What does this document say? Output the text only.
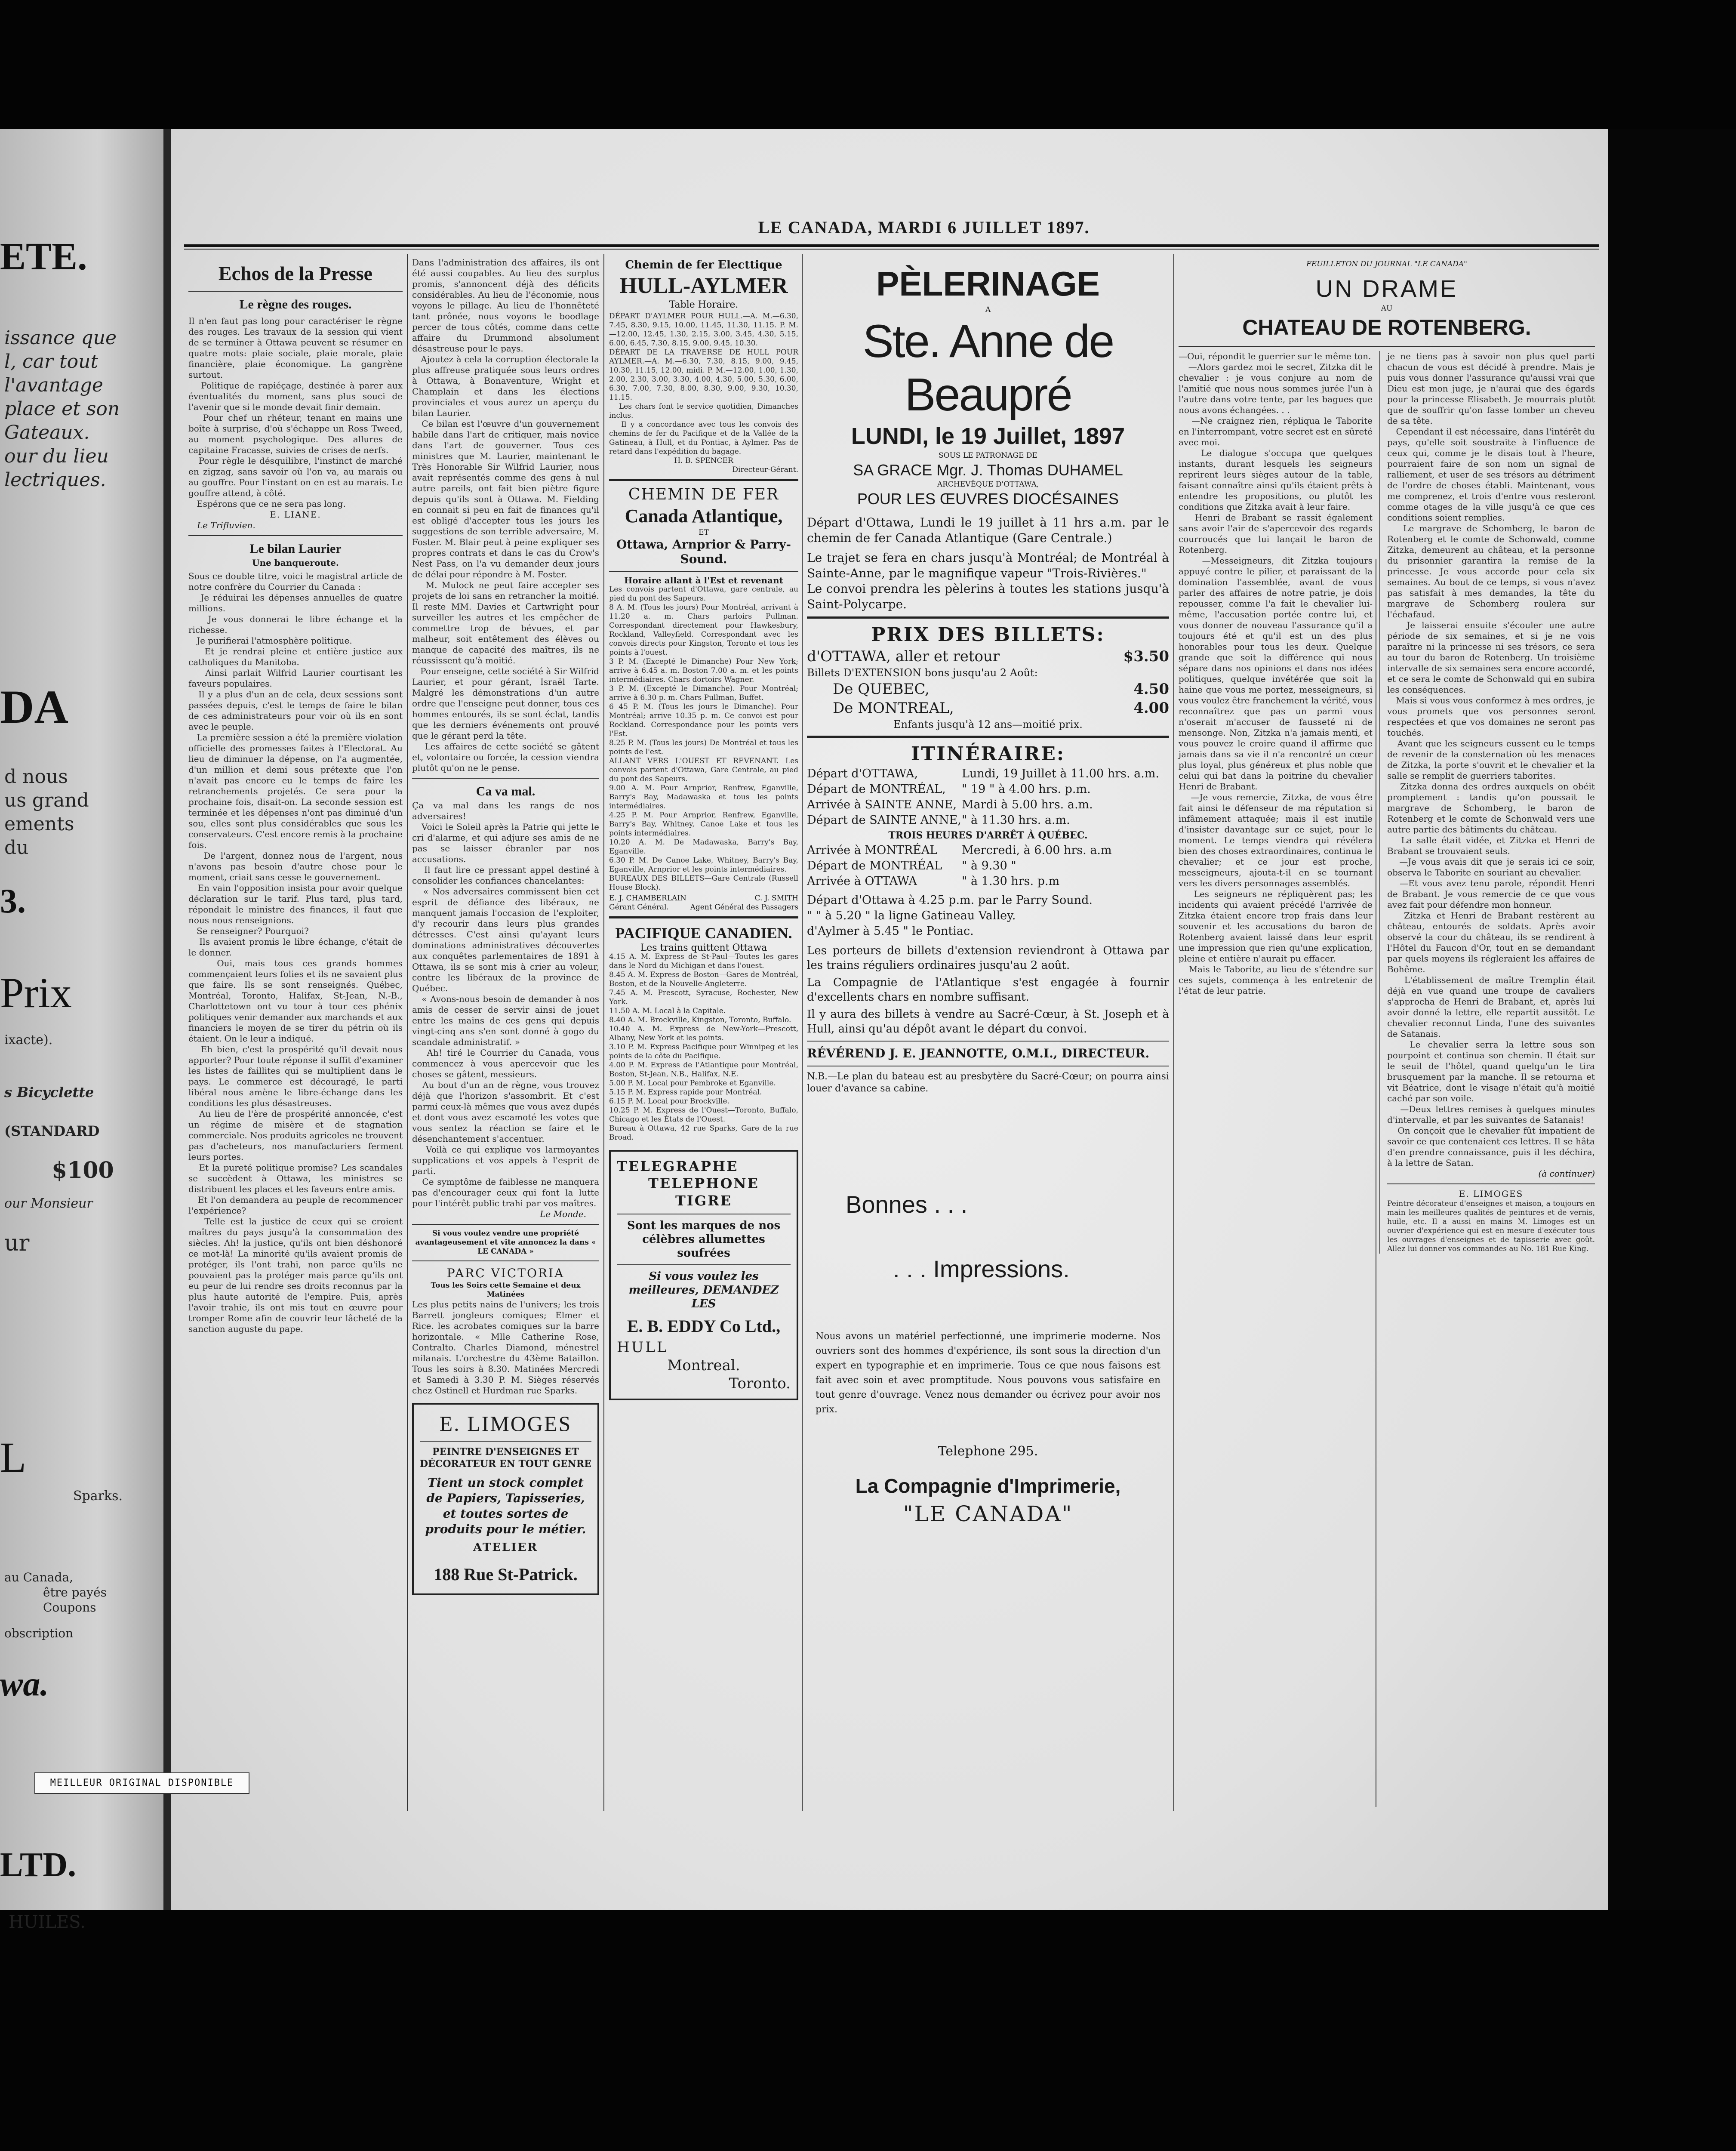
ETE.
issance que
l, car tout
l'avantage
place et son
Gateaux.
our du lieu
lectriques.
DA
d nous
us grand
ements
du
3.
Prix
ixacte).
s Bicyclette
(STANDARD
$100
our Monsieur
ur
L
Sparks.
au Canada,
être payés
Coupons
obscription
wa.
LTD.
HUILES.
LE CANADA, MARDI 6 JUILLET 1897.
Echos de la Presse
Le règne des rouges.
Il n'en faut pas long pour caractériser le règne des rouges. Les travaux de la session qui vient de se terminer à Ottawa peuvent se résumer en quatre mots: plaie sociale, plaie morale, plaie financière, plaie économique. La gangrène surtout.
Politique de rapiéçage, destinée à parer aux éventualités du moment, sans plus souci de l'avenir que si le monde devait finir demain.
Pour chef un rhéteur, tenant en mains une boîte à surprise, d'où s'échappe un Ross Tweed, au moment psychologique. Des allures de capitaine Fracasse, suivies de crises de nerfs.
Pour règle le désquilibre, l'instinct de marché en zigzag, sans savoir où l'on va, au marais ou au gouffre. Pour l'instant on en est au marais. Le gouffre attend, à côté.
Espérons que ce ne sera pas long.
E. LIANE.
Le Trifluvien.
Le bilan Laurier
Une banqueroute.
Sous ce double titre, voici le magistral article de notre confrère du Courrier du Canada :
Je réduirai les dépenses annuelles de quatre millions.
Je vous donnerai le libre échange et la richesse.
Je purifierai l'atmosphère politique.
Et je rendrai pleine et entière justice aux catholiques du Manitoba.
Ainsi parlait Wilfrid Laurier courtisant les faveurs populaires.
Il y a plus d'un an de cela, deux sessions sont passées depuis, c'est le temps de faire le bilan de ces administrateurs pour voir où ils en sont avec le peuple.
La première session a été la première violation officielle des promesses faites à l'Electorat. Au lieu de diminuer la dépense, on l'a augmentée, d'un million et demi sous prétexte que l'on n'avait pas encore eu le temps de faire les retranchements projetés. Ce sera pour la prochaine fois, disait-on. La seconde session est terminée et les dépenses n'ont pas diminué d'un sou, elles sont plus considérables que sous les conservateurs. C'est encore remis à la prochaine fois.
De l'argent, donnez nous de l'argent, nous n'avons pas besoin d'autre chose pour le moment, criait sans cesse le gouvernement.
En vain l'opposition insista pour avoir quelque déclaration sur le tarif. Plus tard, plus tard, répondait le ministre des finances, il faut que nous nous renseignions.
Se renseigner? Pourquoi?
Ils avaient promis le libre échange, c'était de le donner.
Oui, mais tous ces grands hommes commençaient leurs folies et ils ne savaient plus que faire. Ils se sont renseignés. Québec, Montréal, Toronto, Halifax, St-Jean, N.-B., Charlottetown ont vu tour à tour ces phénix politiques venir demander aux marchands et aux financiers le moyen de se tirer du pétrin où ils étaient. On le leur a indiqué.
Eh bien, c'est la prospérité qu'il devait nous apporter? Pour toute réponse il suffit d'examiner les listes de faillites qui se multiplient dans le pays. Le commerce est découragé, le parti libéral nous amène le libre-échange dans les conditions les plus désastreuses.
Au lieu de l'ère de prospérité annoncée, c'est un régime de misère et de stagnation commerciale. Nos produits agricoles ne trouvent pas d'acheteurs, nos manufacturiers ferment leurs portes.
Et la pureté politique promise? Les scandales se succèdent à Ottawa, les ministres se distribuent les places et les faveurs entre amis.
Et l'on demandera au peuple de recommencer l'expérience?
Telle est la justice de ceux qui se croient maîtres du pays jusqu'à la consommation des siècles. Ah! la justice, qu'ils ont bien déshonoré ce mot-là! La minorité qu'ils avaient promis de protéger, ils l'ont trahi, non parce qu'ils ne pouvaient pas la protéger mais parce qu'ils ont eu peur de lui rendre ses droits reconnus par la plus haute autorité de l'empire. Puis, après l'avoir trahie, ils ont mis tout en œuvre pour tromper Rome afin de couvrir leur lâcheté de la sanction auguste du pape.
Dans l'administration des affaires, ils ont été aussi coupables. Au lieu des surplus promis, s'annoncent déjà des déficits considérables. Au lieu de l'économie, nous voyons le pillage. Au lieu de l'honnêteté tant prônée, nous voyons le boodlage percer de tous côtés, comme dans cette affaire du Drummond absolument désastreuse pour le pays.
Ajoutez à cela la corruption électorale la plus affreuse pratiquée sous leurs ordres à Ottawa, à Bonaventure, Wright et Champlain et dans les élections provinciales et vous aurez un aperçu du bilan Laurier.
Ce bilan est l'œuvre d'un gouvernement habile dans l'art de critiquer, mais novice dans l'art de gouverner. Tous ces ministres que M. Laurier, maintenant le Très Honorable Sir Wilfrid Laurier, nous avait représentés comme des gens à nul autre pareils, ont fait bien piètre figure depuis qu'ils sont à Ottawa. M. Fielding en connait si peu en fait de finances qu'il est obligé d'accepter tous les jours les suggestions de son terrible adversaire, M. Foster. M. Blair peut à peine expliquer ses propres contrats et dans le cas du Crow's Nest Pass, on l'a vu demander deux jours de délai pour répondre à M. Foster.
M. Mulock ne peut faire accepter ses projets de loi sans en retrancher la moitié. Il reste MM. Davies et Cartwright pour surveiller les autres et les empêcher de commettre trop de bévues, et par malheur, soit entêtement des élèves ou manque de capacité des maîtres, ils ne réussissent qu'à moitié.
Pour enseigne, cette société à Sir Wilfrid Laurier, et pour gérant, Israël Tarte. Malgré les démonstrations d'un autre ordre que l'enseigne peut donner, tous ces hommes entourés, ils se sont éclat, tandis que les derniers événements ont prouvé que le gérant perd la tête.
Les affaires de cette société se gâtent et, volontaire ou forcée, la cession viendra plutôt qu'on ne le pense.
Ca va mal.
Ça va mal dans les rangs de nos adversaires!
Voici le Soleil après la Patrie qui jette le cri d'alarme, et qui adjure ses amis de ne pas se laisser ébranler par nos accusations.
Il faut lire ce pressant appel destiné à consolider les confiances chancelantes:
« Nos adversaires commissent bien cet esprit de défiance des libéraux, ne manquent jamais l'occasion de l'exploiter, d'y recourir dans leurs plus grandes détresses. C'est ainsi qu'ayant leurs dominations administratives découvertes aux conquêtes parlementaires de 1891 à Ottawa, ils se sont mis à crier au voleur, contre les libéraux de la province de Québec.
« Avons-nous besoin de demander à nos amis de cesser de servir ainsi de jouet entre les mains de ces gens qui depuis vingt-cinq ans s'en sont donné à gogo du scandale administratif. »
Ah! tiré le Courrier du Canada, vous commencez à vous apercevoir que les choses se gâtent, messieurs.
Au bout d'un an de règne, vous trouvez déjà que l'horizon s'assombrit. Et c'est parmi ceux-là mêmes que vous avez dupés et dont vous avez escamoté les votes que vous sentez la réaction se faire et le désenchantement s'accentuer.
Voilà ce qui explique vos larmoyantes supplications et vos appels à l'esprit de parti.
Ce symptôme de faiblesse ne manquera pas d'encourager ceux qui font la lutte pour l'intérêt public trahi par vos maîtres.
Le Monde.
Si vous voulez vendre une propriété avantageusement et vite annoncez la dans « LE CANADA »
PARC VICTORIA
Tous les Soirs cette Semaine et deux Matinées
Les plus petits nains de l'univers; les trois Barrett jongleurs comiques; Elmer et Rice. les acrobates comiques sur la barre horizontale. « Mlle Catherine Rose, Contralto. Charles Diamond, ménestrel milanais. L'orchestre du 43ème Bataillon. Tous les soirs à 8.30. Matinées Mercredi et Samedi à 3.30 P. M. Sièges réservés chez Ostinell et Hurdman rue Sparks.
E. LIMOGES
PEINTRE D'ENSEIGNES ET DÉCORATEUR EN TOUT GENRE
Tient un stock complet de Papiers, Tapisseries, et toutes sortes de produits pour le métier.
ATELIER
188 Rue St-Patrick.
Chemin de fer Electtique
HULL-AYLMER
Table Horaire.
DÉPART D'AYLMER POUR HULL.—A. M.—6.30, 7.45, 8.30, 9.15, 10.00, 11.45, 11.30, 11.15. P. M.—12.00, 12.45, 1.30, 2.15, 3.00, 3.45, 4.30, 5.15, 6.00, 6.45, 7.30, 8.15, 9.00, 9.45, 10.30.
DÉPART DE LA TRAVERSE DE HULL POUR AYLMER.—A. M.—6.30, 7.30, 8.15, 9.00, 9.45, 10.30, 11.15, 12.00, midi. P. M.—12.00, 1.00, 1.30, 2.00, 2.30, 3.00, 3.30, 4.00, 4.30, 5.00, 5.30, 6.00, 6.30, 7.00, 7.30, 8.00, 8.30, 9.00, 9.30, 10.30, 11.15.
Les chars font le service quotidien, Dimanches inclus.
Il y a concordance avec tous les convois des chemins de fer du Pacifique et de la Vallée de la Gatineau, à Hull, et du Pontiac, à Aylmer. Pas de retard dans l'expédition du bagage.
H. B. SPENCER
Directeur-Gérant.
CHEMIN DE FER
Canada Atlantique,
ET
Ottawa, Arnprior & Parry-Sound.
Horaire allant à l'Est et revenant
Les convois partent d'Ottawa, gare centrale, au pied du pont des Sapeurs.
8 A. M. (Tous les jours) Pour Montréal, arrivant à 11.20 a. m. Chars parloirs Pullman. Correspondant directement pour Hawkesbury, Rockland, Valleyfield. Correspondant avec les convois directs pour Kingston, Toronto et tous les points à l'ouest.
3 P. M. (Excepté le Dimanche) Pour New York; arrive à 6.45 a. m. Boston 7.00 a. m. et les points intermédiaires. Chars dortoirs Wagner.
3 P. M. (Excepté le Dimanche). Pour Montréal; arrive à 6.30 p. m. Chars Pullman, Buffet.
6 45 P. M. (Tous les jours le Dimanche). Pour Montréal; arrive 10.35 p. m. Ce convoi est pour Rockland. Correspondance pour les points vers l'Est.
8.25 P. M. (Tous les jours) De Montréal et tous les points de l'est.
ALLANT VERS L'OUEST ET REVENANT. Les convois partent d'Ottawa, Gare Centrale, au pied du pont des Sapeurs.
9.00 A. M. Pour Arnprior, Renfrew, Eganville, Barry's Bay, Madawaska et tous les points intermédiaires.
4.25 P. M. Pour Arnprior, Renfrew, Eganville, Barry's Bay, Whitney, Canoe Lake et tous les points intermédiaires.
10.20 A. M. De Madawaska, Barry's Bay, Eganville.
6.30 P. M. De Canoe Lake, Whitney, Barry's Bay, Eganville, Arnprior et les points intermédiaires.
BUREAUX DES BILLETS—Gare Centrale (Russell House Block).
E. J. CHAMBERLAIN
Gérant Général.
C. J. SMITH
Agent Général des Passagers
PACIFIQUE CANADIEN.
Les trains quittent Ottawa
4.15 A. M. Express de St-Paul—Toutes les gares dans le Nord du Michigan et dans l'ouest.
8.45 A. M. Express de Boston—Gares de Montréal, Boston, et de la Nouvelle-Angleterre.
7.45 A. M. Prescott, Syracuse, Rochester, New York.
11.50 A. M. Local à la Capitale.
8.40 A. M. Brockville, Kingston, Toronto, Buffalo.
10.40 A. M. Express de New-York—Prescott, Albany, New York et les points.
3.10 P. M. Express Pacifique pour Winnipeg et les points de la côte du Pacifique.
4.00 P. M. Express de l'Atlantique pour Montréal, Boston, St-Jean, N.B., Halifax, N.E.
5.00 P. M. Local pour Pembroke et Eganville.
5.15 P. M. Express rapide pour Montréal.
6.15 P. M. Local pour Brockville.
10.25 P. M. Express de l'Ouest—Toronto, Buffalo, Chicago et les États de l'Ouest.
Bureau à Ottawa, 42 rue Sparks, Gare de la rue Broad.
TELEGRAPHE
TELEPHONE
TIGRE
Sont les marques de nos célèbres allumettes soufrées
Si vous voulez les meilleures, DEMANDEZ LES
E. B. EDDY Co Ltd.,
HULL
Montreal.
Toronto.
PÈLERINAGE
A
Ste. Anne de Beaupré
LUNDI, le 19 Juillet, 1897
SOUS LE PATRONAGE DE
SA GRACE Mgr. J. Thomas DUHAMEL
ARCHEVÊQUE D'OTTAWA,
POUR LES ŒUVRES DIOCÉSAINES
Départ d'Ottawa, Lundi le 19 juillet à 11 hrs a.m. par le chemin de fer Canada Atlantique (Gare Centrale.)
Le trajet se fera en chars jusqu'à Montréal; de Montréal à Sainte-Anne, par le magnifique vapeur "Trois-Rivières."
Le convoi prendra les pèlerins à toutes les stations jusqu'à Saint-Polycarpe.
PRIX DES BILLETS:
d'OTTAWA, aller et retour	$3.50
Billets D'EXTENSION bons jusqu'au 2 Août:
De QUEBEC,	4.50
De MONTREAL,	4.00
Enfants jusqu'à 12 ans—moitié prix.
ITINÉRAIRE:
Départ d'OTTAWA,	Lundi, 19 Juillet à 11.00 hrs. a.m.
Départ de MONTRÉAL,	" 19 " à 4.00 hrs. p.m.
Arrivée à SAINTE ANNE, Mardi à 5.00 hrs. a.m.
Départ de SAINTE ANNE, " à 11.30 hrs. a.m.
TROIS HEURES D'ARRÊT À QUÉBEC.
Arrivée à MONTRÉAL	Mercredi, à 6.00 hrs. a.m
Départ de MONTRÉAL	" à 9.30 "
Arrivée à OTTAWA	" à 1.30 hrs. p.m
Départ d'Ottawa à 4.25 p.m. par le Parry Sound.
" " à 5.20 " la ligne Gatineau Valley.
d'Aylmer à 5.45 " le Pontiac.
Les porteurs de billets d'extension reviendront à Ottawa par les trains réguliers ordinaires jusqu'au 2 août.
La Compagnie de l'Atlantique s'est engagée à fournir d'excellents chars en nombre suffisant.
Il y aura des billets à vendre au Sacré-Cœur, à St. Joseph et à Hull, ainsi qu'au dépôt avant le départ du convoi.
RÉVÉREND J. E. JEANNOTTE, O.M.I., DIRECTEUR.
N.B.—Le plan du bateau est au presbytère du Sacré-Cœur; on pourra ainsi louer d'avance sa cabine.
Bonnes . . .
. . . Impressions.
Nous avons un matériel perfectionné, une imprimerie moderne. Nos ouvriers sont des hommes d'expérience, ils sont sous la direction d'un expert en typographie et en imprimerie. Tous ce que nous faisons est fait avec soin et avec promptitude. Nous pouvons vous satisfaire en tout genre d'ouvrage. Venez nous demander ou écrivez pour avoir nos prix.
Telephone 295.
La Compagnie d'Imprimerie,
"LE CANADA"
FEUILLETON DU JOURNAL "LE CANADA"
UN DRAME
AU
CHATEAU DE ROTENBERG.
—Oui, répondit le guerrier sur le même ton.
—Alors gardez moi le secret, Zitzka dit le chevalier : je vous conjure au nom de l'amitié que nous nous sommes jurée l'un à l'autre dans votre tente, par les bagues que nous avons échangées. . .
—Ne craignez rien, répliqua le Taborite en l'interrompant, votre secret est en sûreté avec moi.
Le dialogue s'occupa que quelques instants, durant lesquels les seigneurs reprirent leurs sièges autour de la table, faisant connaître ainsi qu'ils étaient prêts à entendre les propositions, ou plutôt les conditions que Zitzka avait à leur faire.
Henri de Brabant se rassit également sans avoir l'air de s'apercevoir des regards courroucés que lui lançait le baron de Rotenberg.
—Messeigneurs, dit Zitzka toujours appuyé contre le pilier, et paraissant de la domination l'assemblée, avant de vous parler des affaires de notre patrie, je dois repousser, comme l'a fait le chevalier lui-même, l'accusation portée contre lui, et vous donner de nouveau l'assurance qu'il a toujours été et qu'il est un des plus honorables pour tous les deux. Quelque grande que soit la différence qui nous sépare dans nos opinions et dans nos idées politiques, quelque invétérée que soit la haine que vous me portez, messeigneurs, si vous voulez être franchement la vérité, vous reconnaîtrez que pas un parmi vous n'oserait m'accuser de fausseté ni de mensonge. Non, Zitzka n'a jamais menti, et vous pouvez le croire quand il affirme que jamais dans sa vie il n'a rencontré un cœur plus loyal, plus généreux et plus noble que celui qui bat dans la poitrine du chevalier Henri de Brabant.
—Je vous remercie, Zitzka, de vous être fait ainsi le défenseur de ma réputation si infâmement attaquée; mais il est inutile d'insister davantage sur ce sujet, pour le moment. Le temps viendra qui révélera bien des choses extraordinaires, continua le chevalier; et ce jour est proche, messeigneurs, ajouta-t-il en se tournant vers les divers personnages assemblés.
Les seigneurs ne répliquèrent pas; les incidents qui avaient précédé l'arrivée de Zitzka étaient encore trop frais dans leur souvenir et les accusations du baron de Rotenberg avaient laissé dans leur esprit une impression que rien qu'une explication, pleine et entière n'aurait pu effacer.
Mais le Taborite, au lieu de s'étendre sur ces sujets, commença à les entretenir de l'état de leur patrie.
je ne tiens pas à savoir non plus quel parti chacun de vous est décidé à prendre. Mais je puis vous donner l'assurance qu'aussi vrai que Dieu est mon juge, je n'aurai que des égards pour la princesse Elisabeth. Je mourrais plutôt que de souffrir qu'on fasse tomber un cheveu de sa tête.
Cependant il est nécessaire, dans l'intérêt du pays, qu'elle soit soustraite à l'influence de ceux qui, comme je le disais tout à l'heure, pourraient faire de son nom un signal de ralliement, et user de ses trésors au détriment de l'ordre de choses établi. Maintenant, vous me comprenez, et trois d'entre vous resteront comme otages de la ville jusqu'à ce que ces conditions soient remplies.
Le margrave de Schomberg, le baron de Rotenberg et le comte de Schonwald, comme Zitzka, demeurent au château, et la personne du prisonnier garantira la remise de la princesse. Je vous accorde pour cela six semaines. Au bout de ce temps, si vous n'avez pas satisfait à mes demandes, la tête du margrave de Schomberg roulera sur l'échafaud.
Je laisserai ensuite s'écouler une autre période de six semaines, et si je ne vois paraître ni la princesse ni ses trésors, ce sera au tour du baron de Rotenberg. Un troisième intervalle de six semaines sera encore accordé, et ce sera le comte de Schonwald qui en subira les conséquences.
Mais si vous vous conformez à mes ordres, je vous promets que vos personnes seront respectées et que vos domaines ne seront pas touchés.
Avant que les seigneurs eussent eu le temps de revenir de la consternation où les menaces de Zitzka, la porte s'ouvrit et le chevalier et la salle se remplit de guerriers taborites.
Zitzka donna des ordres auxquels on obéit promptement : tandis qu'on poussait le margrave de Schomberg, le baron de Rotenberg et le comte de Schonwald vers une autre partie des bâtiments du château.
La salle était vidée, et Zitzka et Henri de Brabant se trouvaient seuls.
—Je vous avais dit que je serais ici ce soir, observa le Taborite en souriant au chevalier.
—Et vous avez tenu parole, répondit Henri de Brabant. Je vous remercie de ce que vous avez fait pour défendre mon honneur.
Zitzka et Henri de Brabant restèrent au château, entourés de soldats. Après avoir observé la cour du château, ils se rendirent à l'Hôtel du Faucon d'Or, tout en se demandant par quels moyens ils régleraient les affaires de Bohême.
L'établissement de maître Tremplin était déjà en vue quand une troupe de cavaliers s'approcha de Henri de Brabant, et, après lui avoir donné la lettre, elle repartit aussitôt. Le chevalier reconnut Linda, l'une des suivantes de Satanais.
Le chevalier serra la lettre sous son pourpoint et continua son chemin. Il était sur le seuil de l'hôtel, quand quelqu'un le tira brusquement par la manche. Il se retourna et vit Béatrice, dont le visage n'était qu'à moitié caché par son voile.
—Deux lettres remises à quelques minutes d'intervalle, et par les suivantes de Satanais!
On conçoit que le chevalier fût impatient de savoir ce que contenaient ces lettres. Il se hâta d'en prendre connaissance, puis il les déchira, à la lettre de Satan.
(à continuer)
E. LIMOGES
Peintre décorateur d'enseignes et maison, a toujours en main les meilleures qualités de peintures et de vernis, huile, etc. Il a aussi en mains M. Limoges est un ouvrier d'expérience qui est en mesure d'exécuter tous les ouvrages d'enseignes et de tapisserie avec goût. Allez lui donner vos commandes au No. 181 Rue King.
MEILLEUR ORIGINAL DISPONIBLE
